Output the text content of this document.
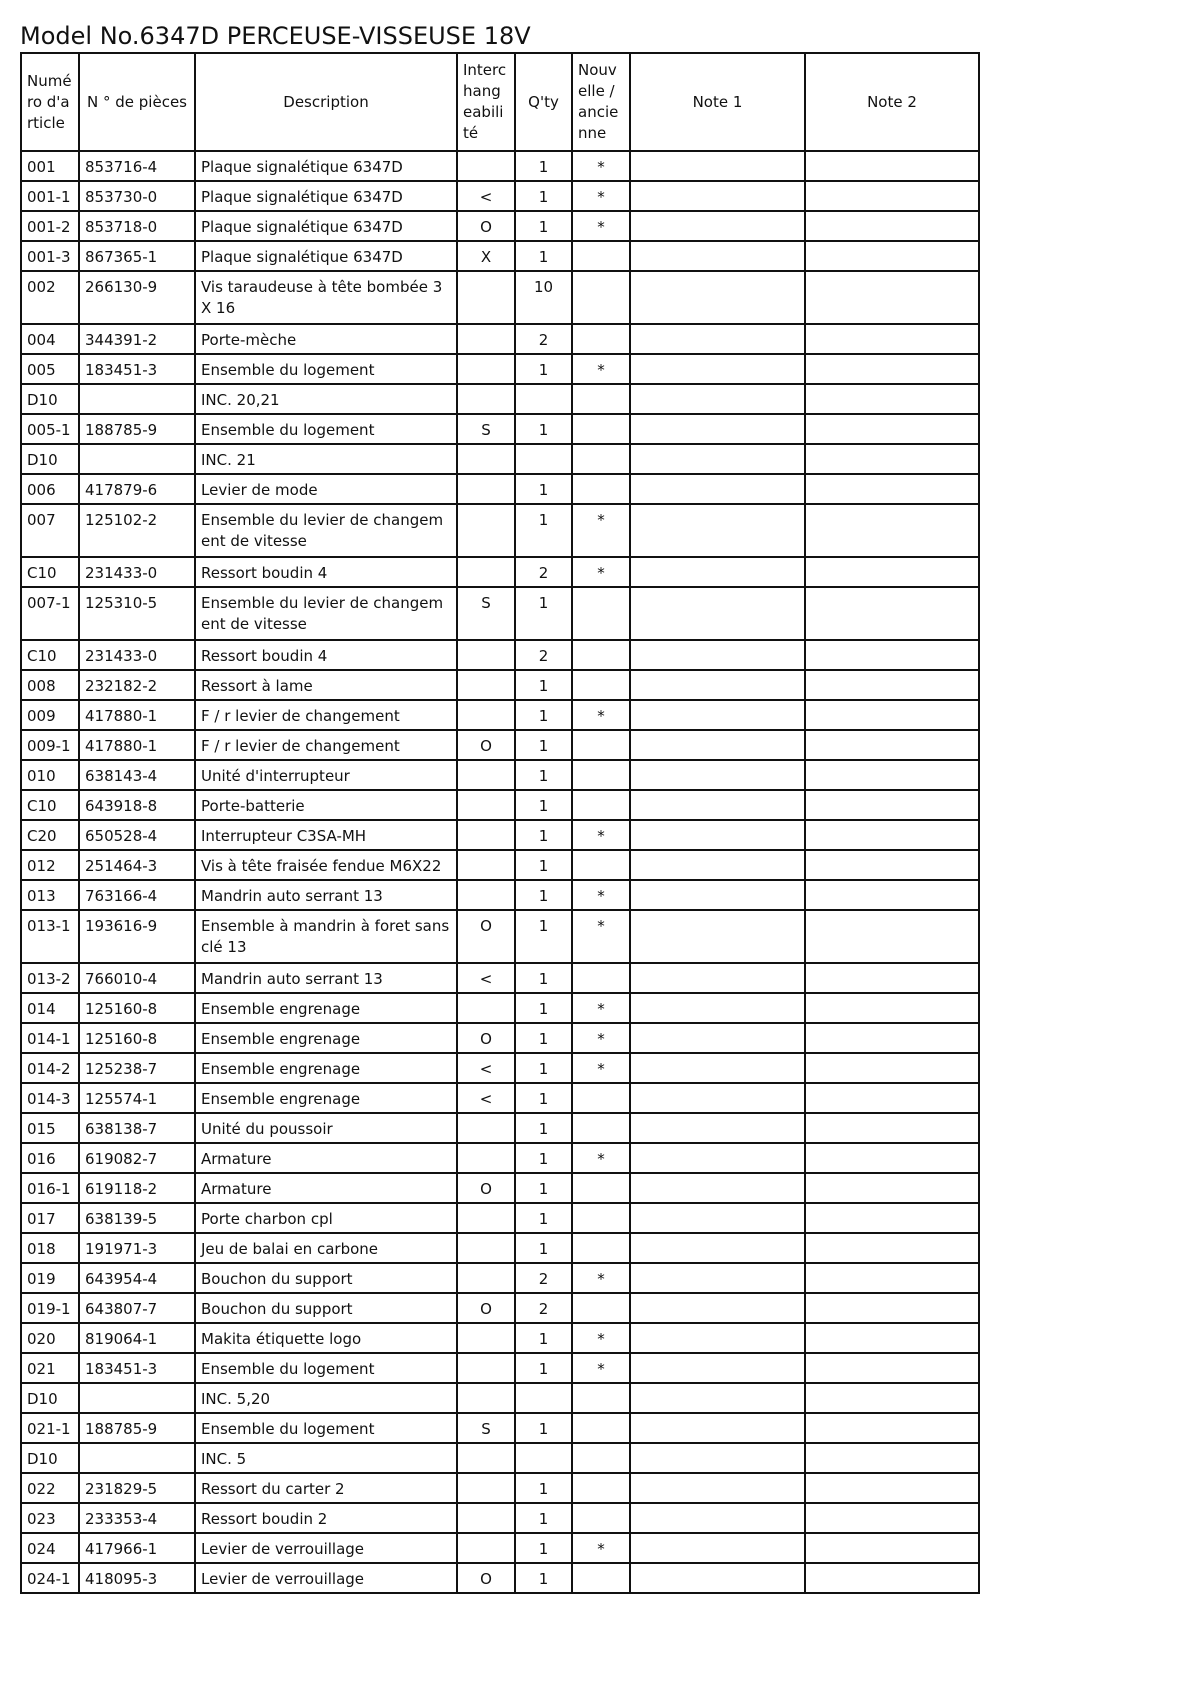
Model No.6347D PERCEUSE-VISSEUSE 18V
Numéro d'article	N ° de pièces	Description	Interchangeabilité	Q'ty	Nouvelle / ancienne	Note 1	Note 2
001	853716-4	Plaque signalétique 6347D		1	*		
001-1	853730-0	Plaque signalétique 6347D	<	1	*		
001-2	853718-0	Plaque signalétique 6347D	O	1	*		
001-3	867365-1	Plaque signalétique 6347D	X	1			
002	266130-9	Vis taraudeuse à tête bombée 3X 16		10			
004	344391-2	Porte-mèche		2			
005	183451-3	Ensemble du logement		1	*		
D10		INC. 20,21					
005-1	188785-9	Ensemble du logement	S	1			
D10		INC. 21					
006	417879-6	Levier de mode		1			
007	125102-2	Ensemble du levier de changement de vitesse		1	*		
C10	231433-0	Ressort boudin 4		2	*		
007-1	125310-5	Ensemble du levier de changement de vitesse	S	1			
C10	231433-0	Ressort boudin 4		2			
008	232182-2	Ressort à lame		1			
009	417880-1	F / r levier de changement		1	*		
009-1	417880-1	F / r levier de changement	O	1			
010	638143-4	Unité d'interrupteur		1			
C10	643918-8	Porte-batterie		1			
C20	650528-4	Interrupteur C3SA-MH		1	*		
012	251464-3	Vis à tête fraisée fendue M6X22		1			
013	763166-4	Mandrin auto serrant 13		1	*		
013-1	193616-9	Ensemble à mandrin à foret sans clé 13	O	1	*		
013-2	766010-4	Mandrin auto serrant 13	<	1			
014	125160-8	Ensemble engrenage		1	*		
014-1	125160-8	Ensemble engrenage	O	1	*		
014-2	125238-7	Ensemble engrenage	<	1	*		
014-3	125574-1	Ensemble engrenage	<	1			
015	638138-7	Unité du poussoir		1			
016	619082-7	Armature		1	*		
016-1	619118-2	Armature	O	1			
017	638139-5	Porte charbon cpl		1			
018	191971-3	Jeu de balai en carbone		1			
019	643954-4	Bouchon du support		2	*		
019-1	643807-7	Bouchon du support	O	2			
020	819064-1	Makita étiquette logo		1	*		
021	183451-3	Ensemble du logement		1	*		
D10		INC. 5,20					
021-1	188785-9	Ensemble du logement	S	1			
D10		INC. 5					
022	231829-5	Ressort du carter 2		1			
023	233353-4	Ressort boudin 2		1			
024	417966-1	Levier de verrouillage		1	*		
024-1	418095-3	Levier de verrouillage	O	1			
